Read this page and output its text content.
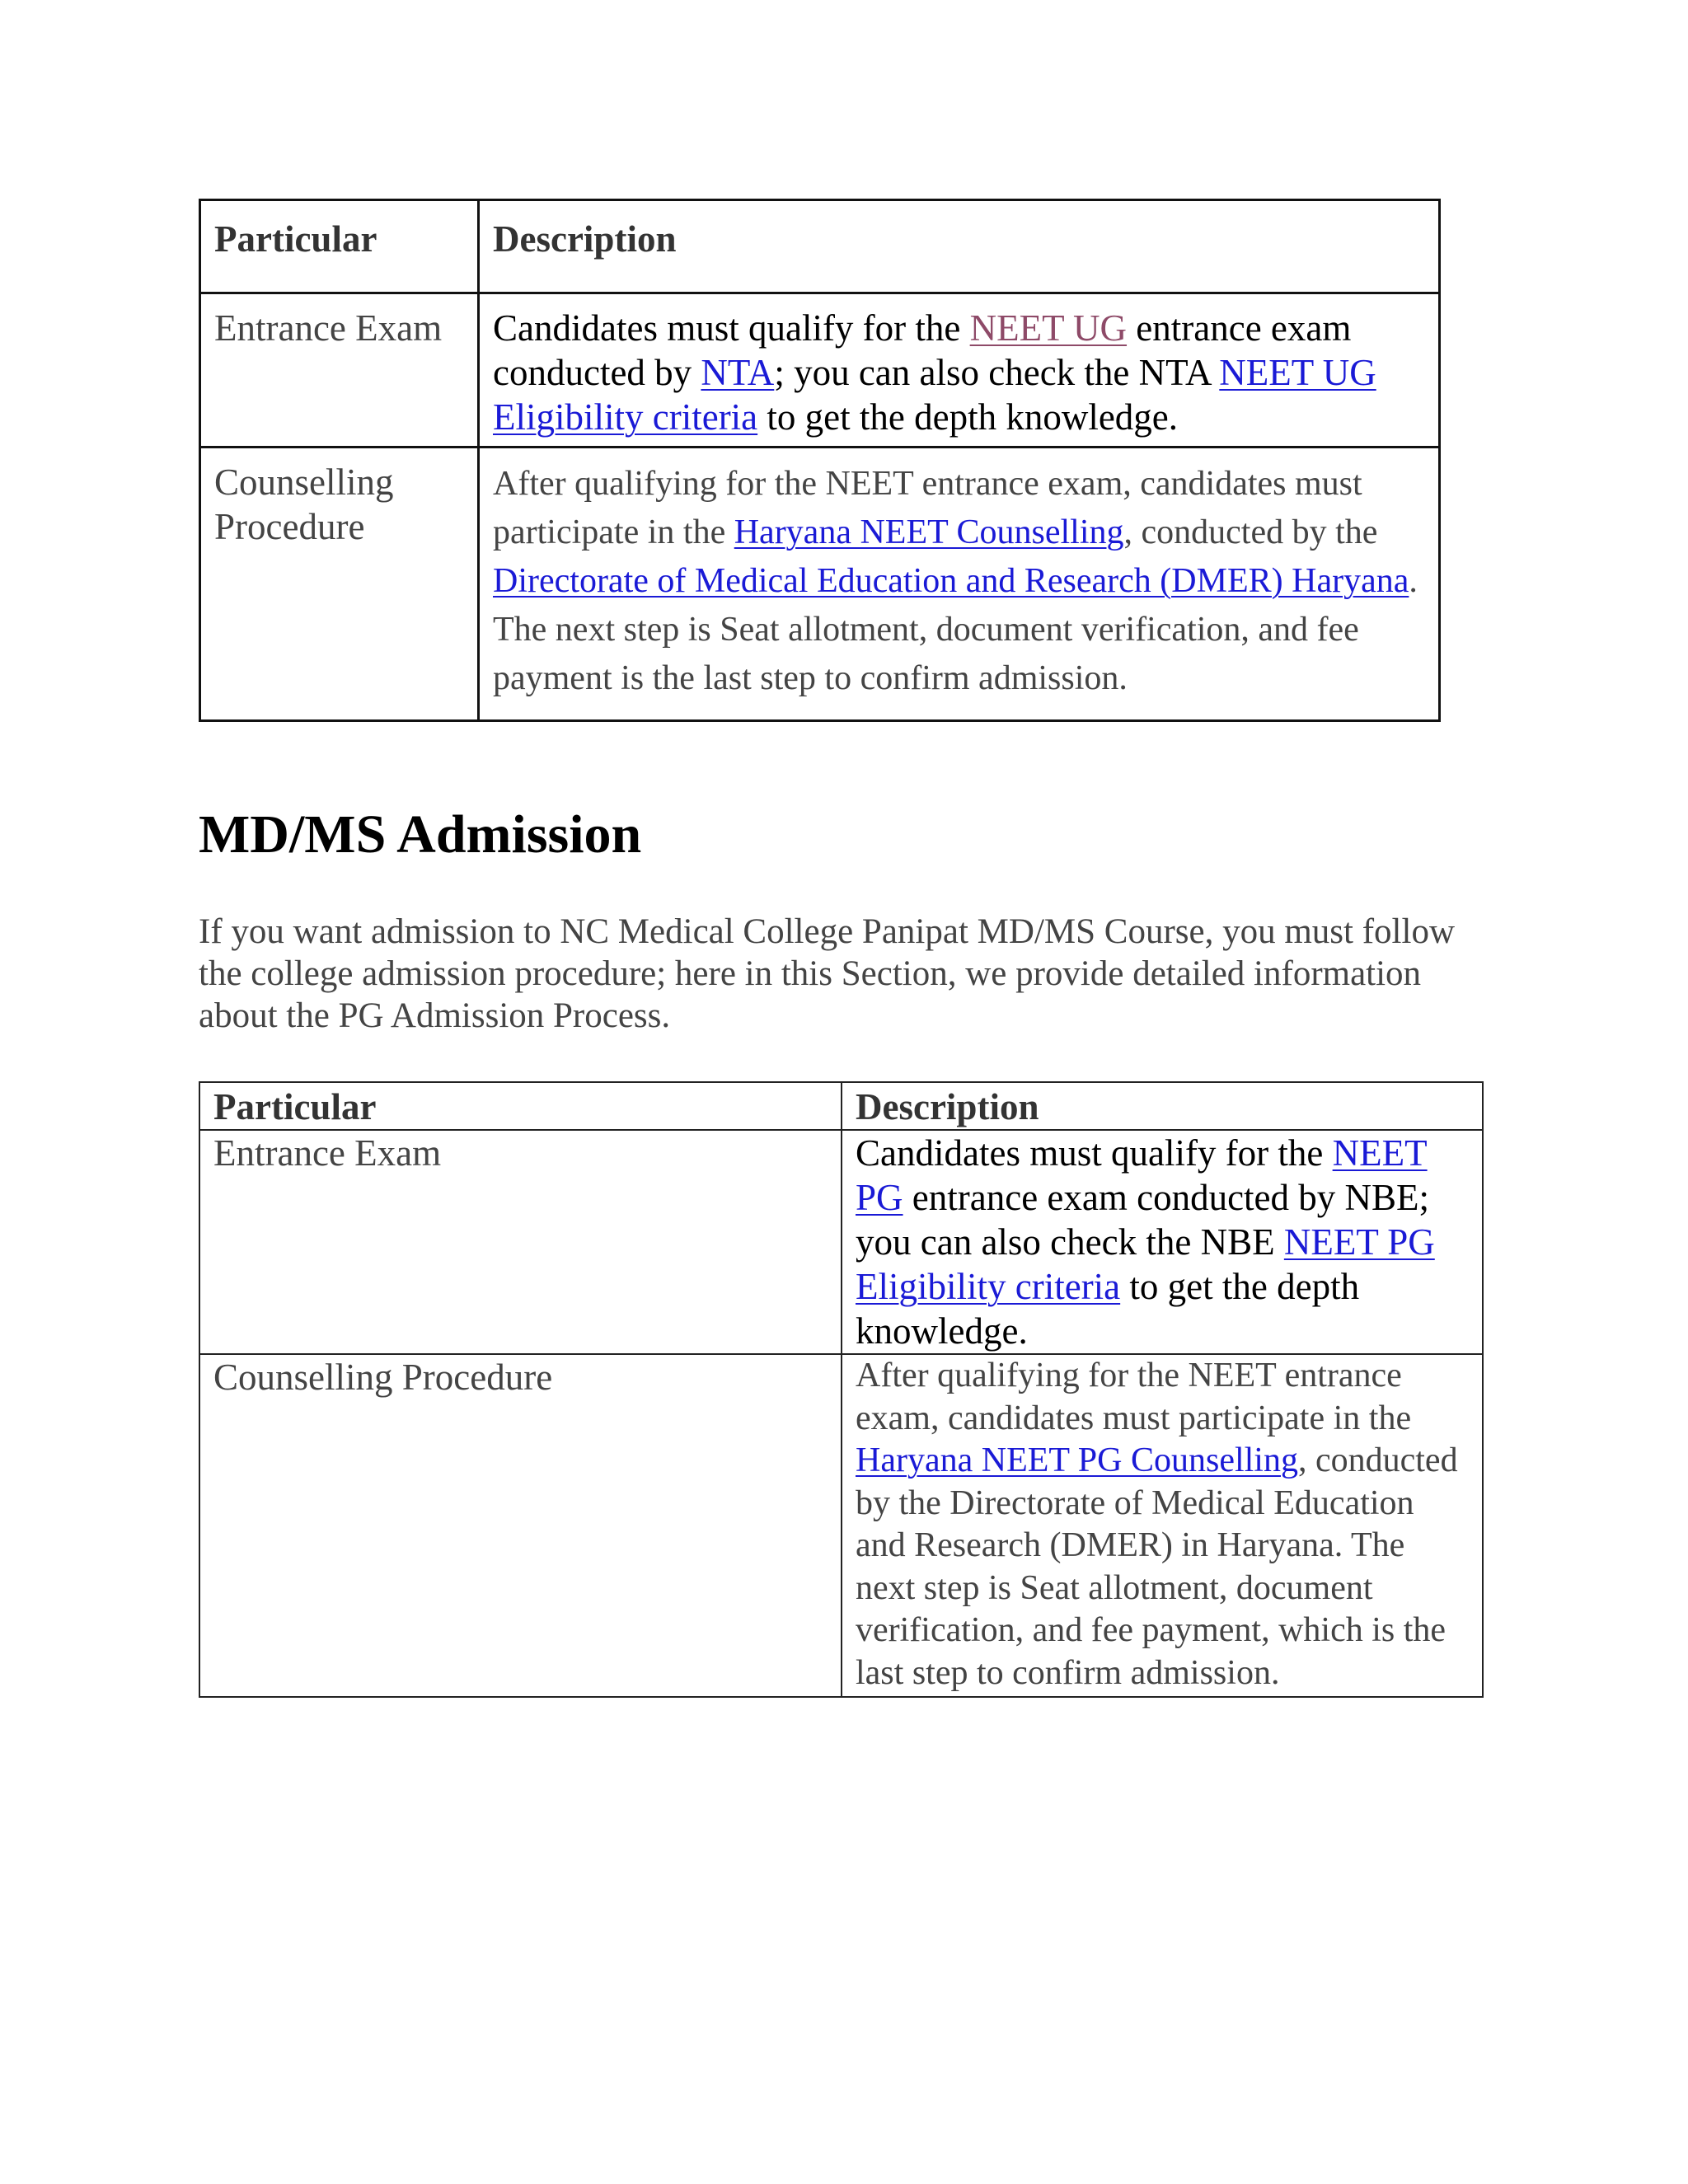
Particular	Description
Entrance Exam	Candidates must qualify for the NEET UG entrance exam conducted by NTA; you can also check the NTA NEET UG Eligibility criteria to get the depth knowledge.
Counselling Procedure	After qualifying for the NEET entrance exam, candidates must participate in the Haryana NEET Counselling, conducted by the Directorate of Medical Education and Research (DMER) Haryana. The next step is Seat allotment, document verification, and fee payment is the last step to confirm admission.
MD/MS Admission

If you want admission to NC Medical College Panipat MD/MS Course, you must follow the college admission procedure; here in this Section, we provide detailed information about the PG Admission Process.

Particular	Description
Entrance Exam	Candidates must qualify for the NEET PG entrance exam conducted by NBE; you can also check the NBE NEET PG Eligibility criteria to get the depth knowledge.
Counselling Procedure	After qualifying for the NEET entrance exam, candidates must participate in the Haryana NEET PG Counselling, conducted by the Directorate of Medical Education and Research (DMER) in Haryana. The next step is Seat allotment, document verification, and fee payment, which is the last step to confirm admission.
